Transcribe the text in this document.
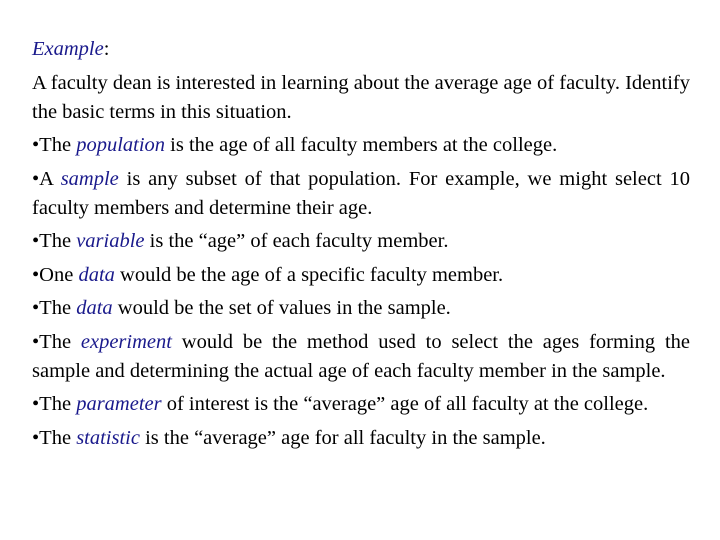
Example:

A faculty dean is interested in learning about the average age of faculty. Identify the basic terms in this situation.

•The population is the age of all faculty members at the college.

•A sample is any subset of that population. For example, we might select 10 faculty members and determine their age.

•The variable is the “age” of each faculty member.

•One data would be the age of a specific faculty member.

•The data would be the set of values in the sample.

•The experiment would be the method used to select the ages forming the sample and determining the actual age of each faculty member in the sample.

•The parameter of interest is the “average” age of all faculty at the college.

•The statistic is the “average” age for all faculty in the sample.
